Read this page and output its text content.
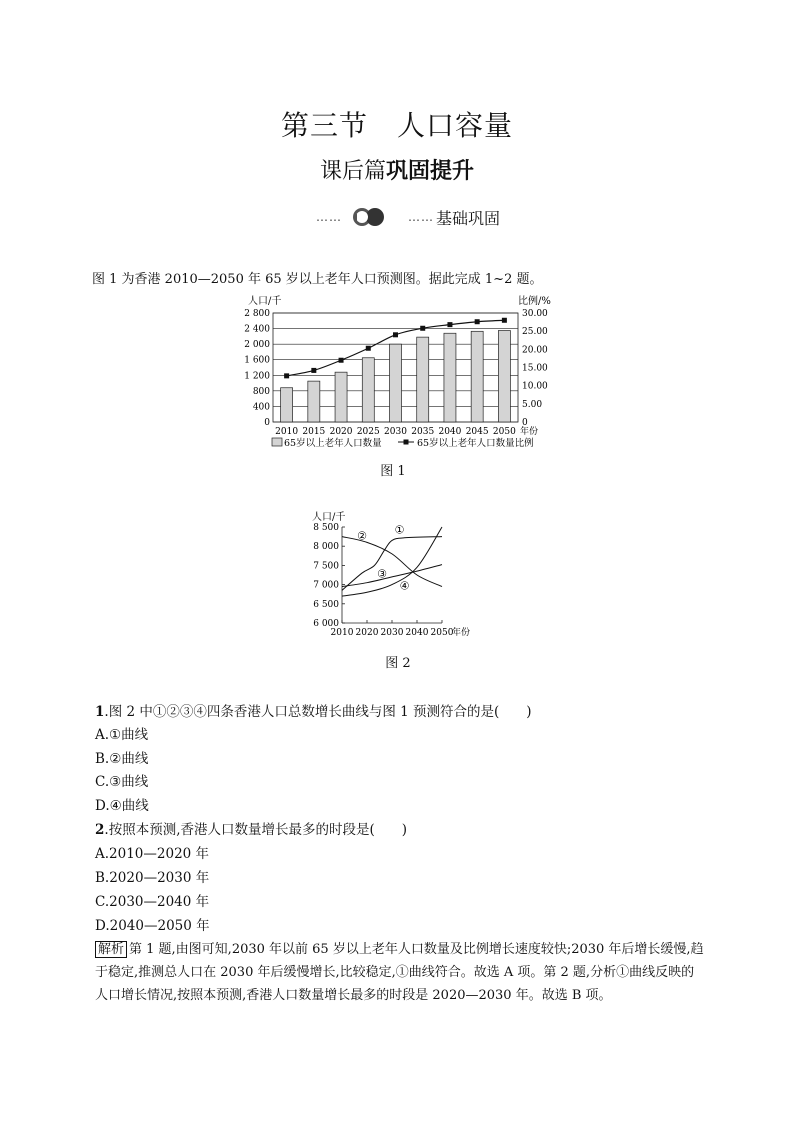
第三节　人口容量
课后篇巩固提升
……	…… 基础巩固
图 1 为香港 2010—2050 年 65 岁以上老年人口预测图。据此完成 1~2 题。
人口/千	比例/%
0
400
800
1 200
1 600
2 000
2 400
2 800
0
5.00
10.00
15.00
20.00
25.00
30.00
2010 2015 2020 2025 2030 2035 2040 2045 2050 年份
65岁以上老年人口数量	65岁以上老年人口数量比例
图 1
人口/千
6 000
6 500
7 000
7 500
8 000
8 500
2010 2020 2030 2040 2050
年份
①
②
③
④
图 2
1.图 2 中①②③④四条香港人口总数增长曲线与图 1 预测符合的是(　　)
A.①曲线
B.②曲线
C.③曲线
D.④曲线
2.按照本预测,香港人口数量增长最多的时段是(　　)
A.2010—2020 年
B.2020—2030 年
C.2030—2040 年
D.2040—2050 年
解析 第 1 题,由图可知,2030 年以前 65 岁以上老年人口数量及比例增长速度较快;2030 年后增长缓慢,趋于稳定,推测总人口在 2030 年后缓慢增长,比较稳定,①曲线符合。故选 A 项。第 2 题,分析①曲线反映的人口增长情况,按照本预测,香港人口数量增长最多的时段是 2020—2030 年。故选 B 项。
